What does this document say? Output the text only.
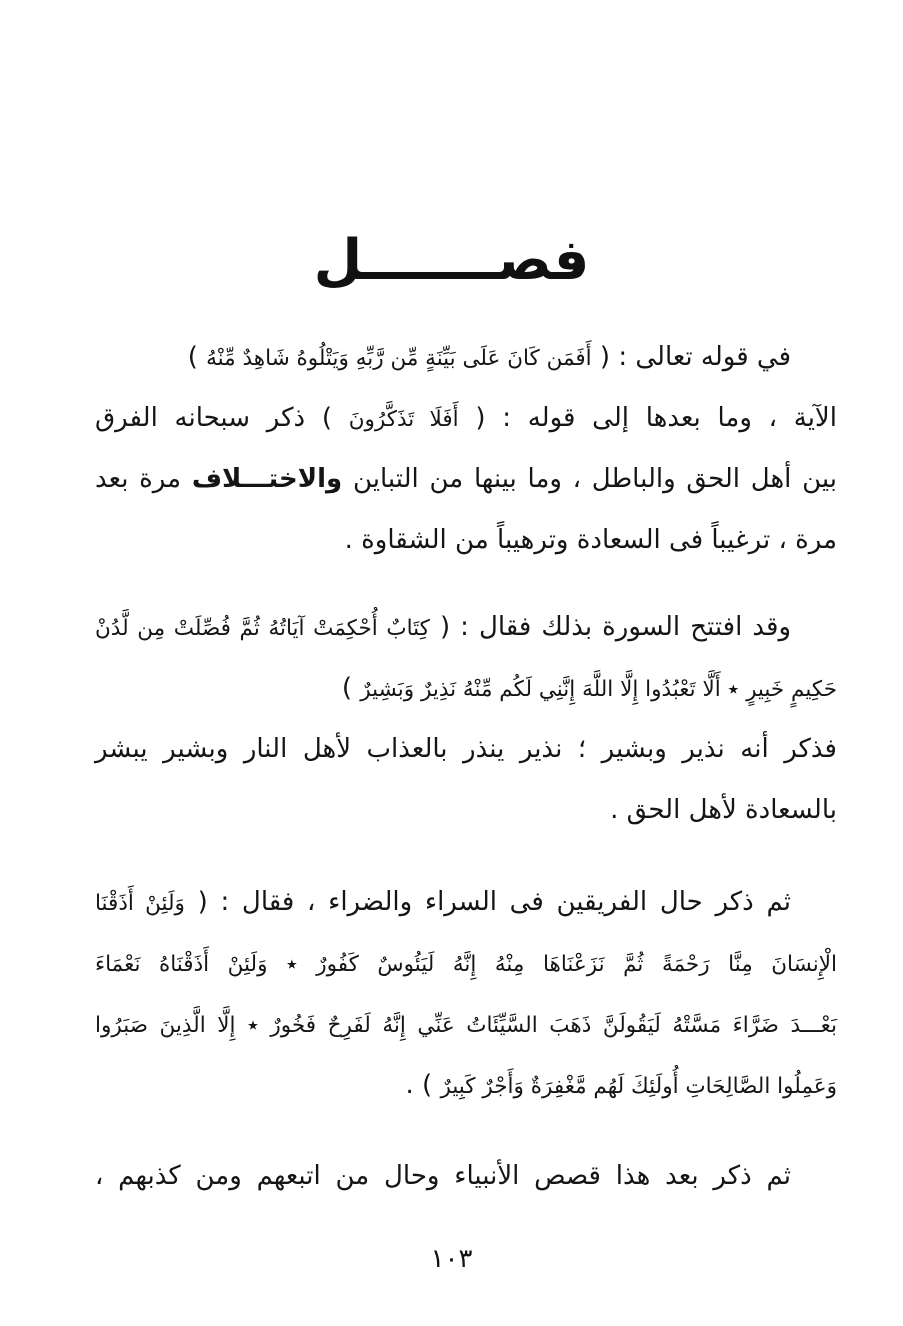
فصـــــــل
في قوله تعالى : ( أَفَمَن كَانَ عَلَى بَيِّنَةٍ مِّن رَّبِّهِ وَيَتْلُوهُ شَاهِدٌ مِّنْهُ )
الآية ، وما بعدها إلى قوله : ( أَفَلَا تَذَكَّرُونَ ) ذكر سبحانه الفرق
بين أهل الحق والباطل ، وما بينها من التباين والاختـــلاف مرة بعد
مرة ، ترغيباً فى السعادة وترهيباً من الشقاوة .
وقد افتتح السورة بذلك فقال : ( كِتَابٌ أُحْكِمَتْ آيَاتُهُ ثُمَّ فُصِّلَتْ مِن لَّدُنْ
حَكِيمٍ خَبِيرٍ ٭ أَلَّا تَعْبُدُوا إِلَّا اللَّهَ إِنَّنِي لَكُم مِّنْهُ نَذِيرٌ وَبَشِيرٌ )
فذكر أنه نذير وبشير ؛ نذير ينذر بالعذاب لأهل النار وبشير يبشر
بالسعادة لأهل الحق .
ثم ذكر حال الفريقين فى السراء والضراء ، فقال : ( وَلَئِنْ أَذَقْنَا
الْإِنسَانَ مِنَّا رَحْمَةً ثُمَّ نَزَعْنَاهَا مِنْهُ إِنَّهُ لَيَئُوسٌ كَفُورٌ ٭ وَلَئِنْ أَذَقْنَاهُ نَعْمَاءَ
بَعْـــدَ ضَرَّاءَ مَسَّتْهُ لَيَقُولَنَّ ذَهَبَ السَّيِّئَاتُ عَنِّي إِنَّهُ لَفَرِحٌ فَخُورٌ ٭ إِلَّا الَّذِينَ صَبَرُوا
وَعَمِلُوا الصَّالِحَاتِ أُولَئِكَ لَهُم مَّغْفِرَةٌ وَأَجْرٌ كَبِيرٌ ) .
ثم ذكر بعد هذا قصص الأنبياء وحال من اتبعهم ومن كذبهم ،
١٠٣
